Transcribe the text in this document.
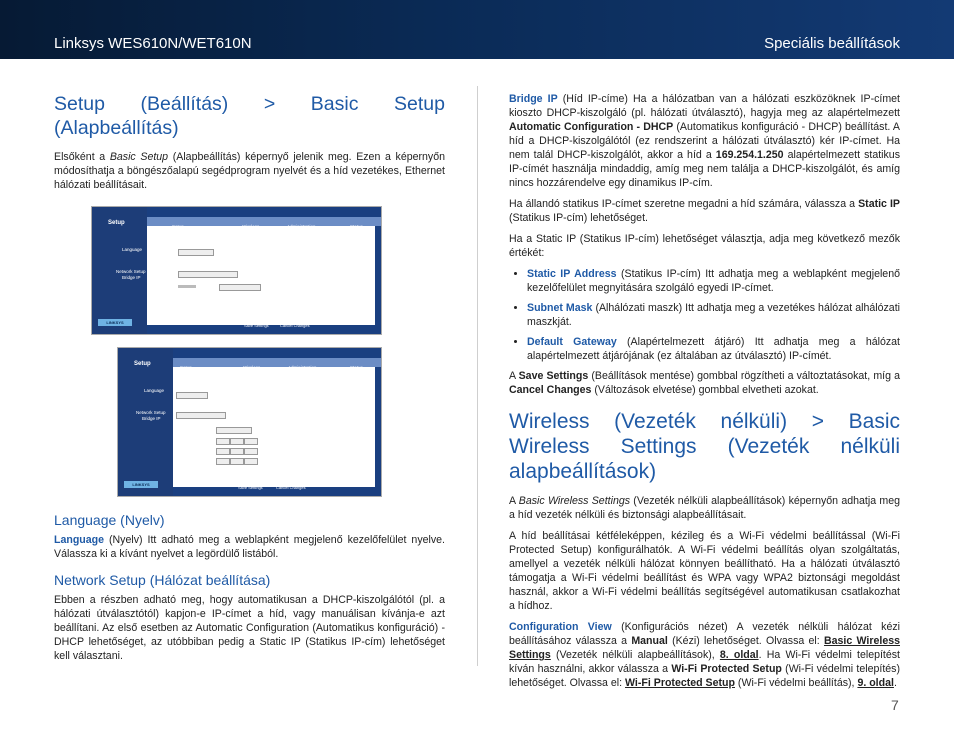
Linksys WES610N/WET610N	Speciális beállítások
Setup (Beállítás) > Basic Setup (Alapbeállítás)

Elsőként a Basic Setup (Alapbeállítás) képernyő jelenik meg. Ezen a képernyőn módosíthatja a böngészőalapú segédprogram nyelvét és a híd vezetékes, Ethernet hálózati beállításait.

Setup
Setup	Wireless	Administration	Status
Language
Network Setup
Bridge IP
LINKSYS
Save Settings	Cancel Changes
Setup
Setup	Wireless	Administration	Status
Language
Network Setup
Bridge IP
LINKSYS
Save Settings	Cancel Changes
Language (Nyelv)

Language (Nyelv) Itt adható meg a weblapként megjelenő kezelőfelület nyelve. Válassza ki a kívánt nyelvet a legördülő listából.

Network Setup (Hálózat beállítása)

Ebben a részben adható meg, hogy automatikusan a DHCP-kiszolgálótól (pl. a hálózati útválasztótól) kapjon-e IP-címet a híd, vagy manuálisan kívánja-e azt beállítani. Az első esetben az Automatic Configuration (Automatikus konfiguráció) - DHCP lehetőséget, az utóbbiban pedig a Static IP (Statikus IP-cím) lehetőséget kell választani.

Bridge IP (Híd IP-címe) Ha a hálózatban van a hálózati eszközöknek IP-címet kioszto DHCP-kiszolgáló (pl. hálózati útválasztó), hagyja meg az alapértelmezett Automatic Configuration - DHCP (Automatikus konfiguráció - DHCP) beállítást. A híd a DHCP-kiszolgálótól (ez rendszerint a hálózati útválasztó) kér IP-címet. Ha nem talál DHCP-kiszolgálót, akkor a híd a 169.254.1.250 alapértelmezett statikus IP-címét használja mindaddig, amíg meg nem találja a DHCP-kiszolgálót, és amíg nincs hozzárendelve egy dinamikus IP-cím.

Ha állandó statikus IP-címet szeretne megadni a híd számára, válassza a Static IP (Statikus IP-cím) lehetőséget.

Ha a Static IP (Statikus IP-cím) lehetőséget választja, adja meg következő mezők értékét:

• Static IP Address (Statikus IP-cím) Itt adhatja meg a weblapként megjelenő kezelőfelület megnyitására szolgáló egyedi IP-címet.
• Subnet Mask (Alhálózati maszk) Itt adhatja meg a vezetékes hálózat alhálózati maszkját.
• Default Gateway (Alapértelmezett átjáró) Itt adhatja meg a hálózat alapértelmezett átjárójának (ez általában az útválasztó) IP-címét.

A Save Settings (Beállítások mentése) gombbal rögzítheti a változtatásokat, míg a Cancel Changes (Változások elvetése) gombbal elvetheti azokat.

Wireless (Vezeték nélküli) > Basic Wireless Settings (Vezeték nélküli alapbeállítások)

A Basic Wireless Settings (Vezeték nélküli alapbeállítások) képernyőn adhatja meg a híd vezeték nélküli és biztonsági alapbeállításait.

A híd beállításai kétféleképpen, kézileg és a Wi-Fi védelmi beállítással (Wi-Fi Protected Setup) konfigurálhatók. A Wi-Fi védelmi beállítás olyan szolgáltatás, amellyel a vezeték nélküli hálózat könnyen beállítható. Ha a hálózati útválasztó támogatja a Wi-Fi védelmi beállítást és WPA vagy WPA2 biztonsági megoldást használ, akkor a Wi-Fi védelmi beállítás segítségével automatikusan csatlakozhat a hídhoz.

Configuration View (Konfigurációs nézet) A vezeték nélküli hálózat kézi beállításához válassza a Manual (Kézi) lehetőséget. Olvassa el: Basic Wireless Settings (Vezeték nélküli alapbeállítások), 8. oldal. Ha Wi-Fi védelmi telepítést kíván használni, akkor válassza a Wi-Fi Protected Setup (Wi-Fi védelmi telepítés) lehetőséget. Olvassa el: Wi-Fi Protected Setup (Wi-Fi védelmi beállítás), 9. oldal.

7
